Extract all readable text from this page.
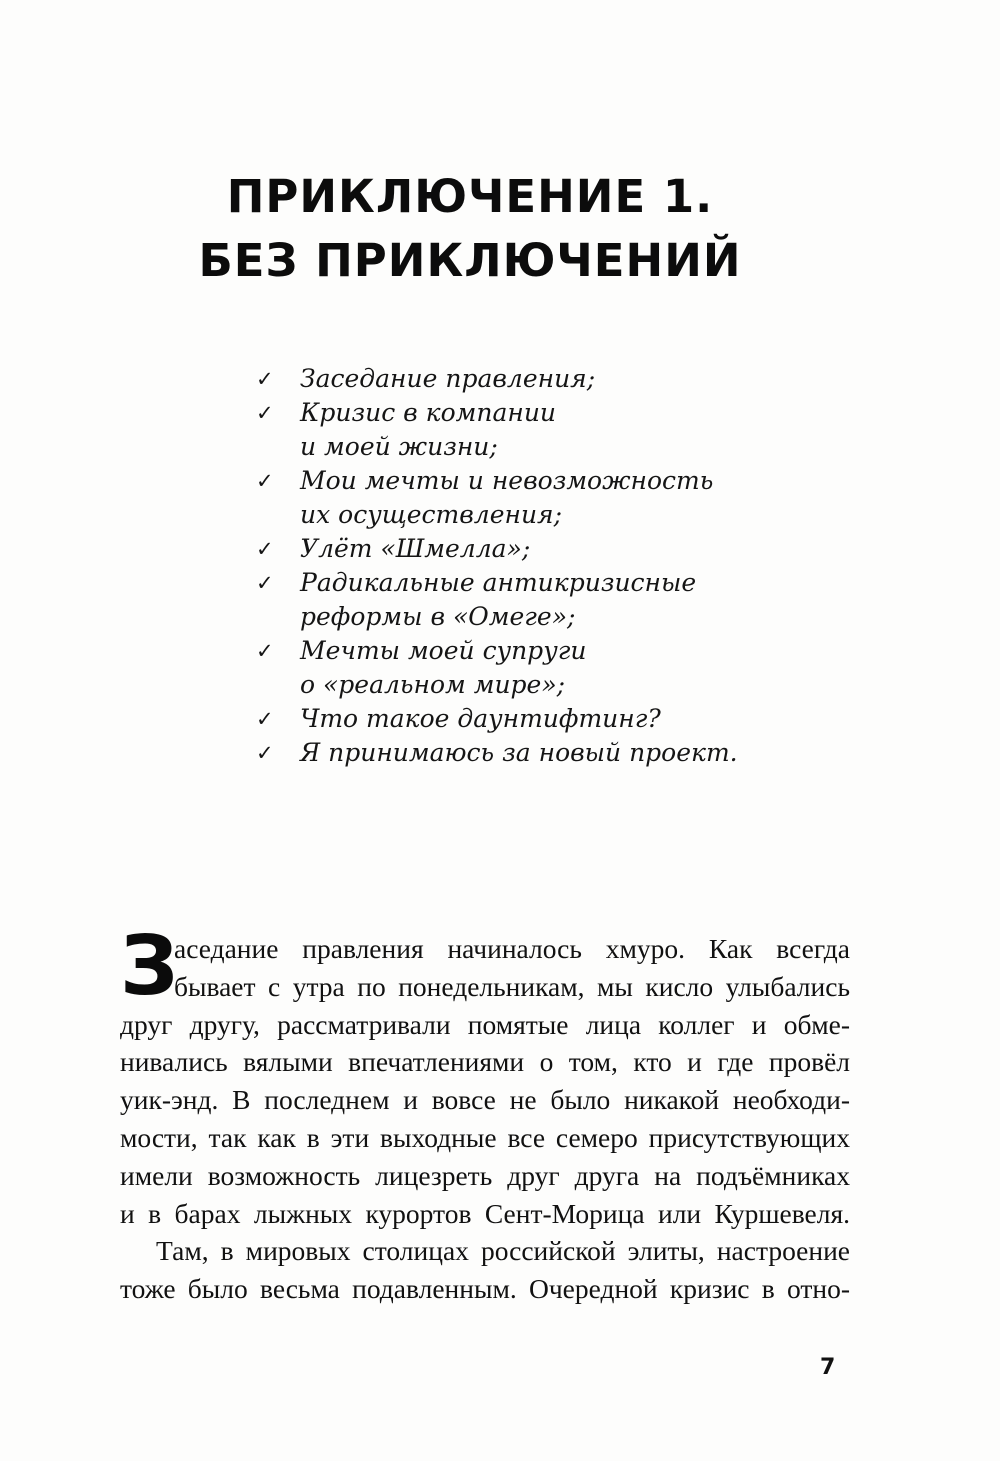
ПРИКЛЮЧЕНИЕ 1.
БЕЗ ПРИКЛЮЧЕНИЙ
✓ Заседание правления;
✓ Кризис в компании
и моей жизни;
✓ Мои мечты и невозможность
их осуществления;
✓ Улёт «Шмелла»;
✓ Радикальные антикризисные
реформы в «Омеге»;
✓ Мечты моей супруги
о «реальном мире»;
✓ Что такое даунтифтинг?
✓ Я принимаюсь за новый проект.
З
аседание правления начиналось хмуро. Как всегда
бывает с утра по понедельникам, мы кисло улыбались
друг другу, рассматривали помятые лица коллег и обме-
нивались вялыми впечатлениями о том, кто и где провёл
уик-энд. В последнем и вовсе не было никакой необходи-
мости, так как в эти выходные все семеро присутствующих
имели возможность лицезреть друг друга на подъёмниках
и в барах лыжных курортов Сент-Морица или Куршевеля.
Там, в мировых столицах российской элиты, настроение
тоже было весьма подавленным. Очередной кризис в отно-
7
